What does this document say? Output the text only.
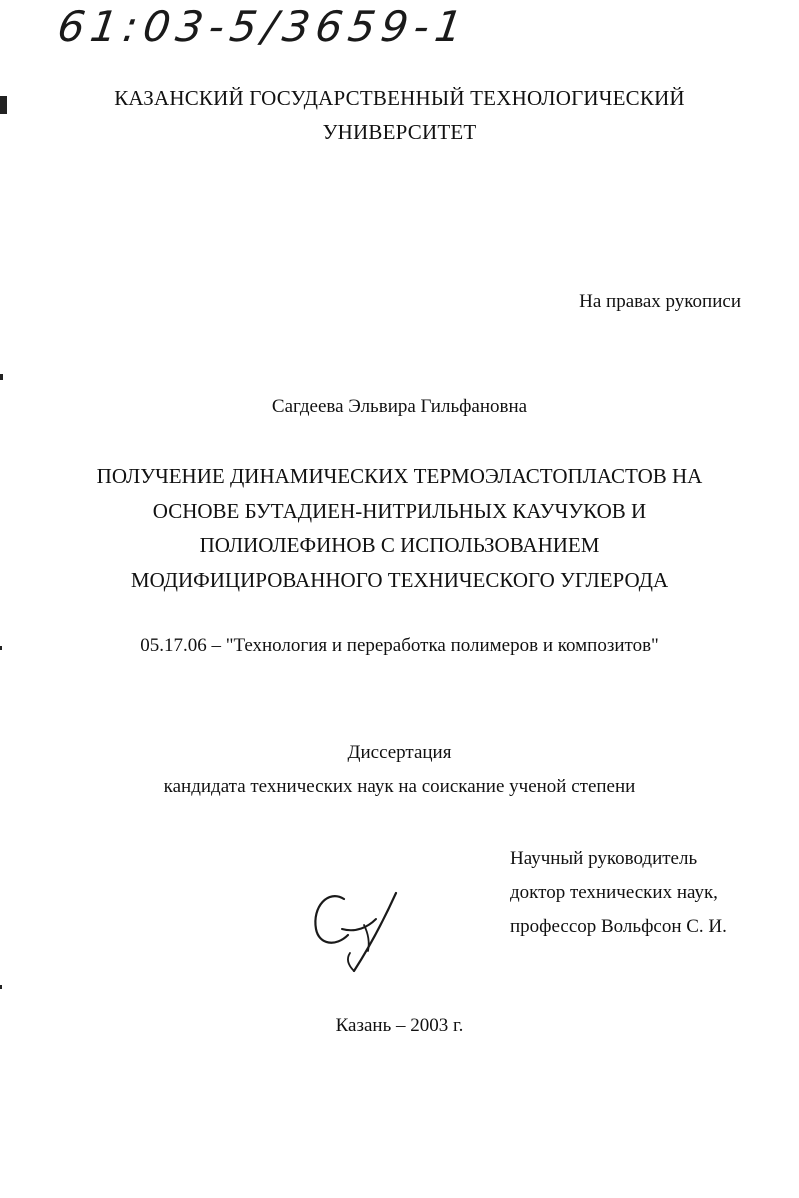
61:03-5/3659-1
КАЗАНСКИЙ ГОСУДАРСТВЕННЫЙ ТЕХНОЛОГИЧЕСКИЙ
УНИВЕРСИТЕТ
На правах рукописи
Сагдеева Эльвира Гильфановна
ПОЛУЧЕНИЕ ДИНАМИЧЕСКИХ ТЕРМОЭЛАСТОПЛАСТОВ НА
ОСНОВЕ БУТАДИЕН-НИТРИЛЬНЫХ КАУЧУКОВ И
ПОЛИОЛЕФИНОВ С ИСПОЛЬЗОВАНИЕМ
МОДИФИЦИРОВАННОГО ТЕХНИЧЕСКОГО УГЛЕРОДА
05.17.06 – "Технология и переработка полимеров и композитов"
Диссертация
кандидата технических наук на соискание ученой степени
Научный руководитель
доктор технических наук,
профессор Вольфсон С. И.
Казань – 2003 г.
